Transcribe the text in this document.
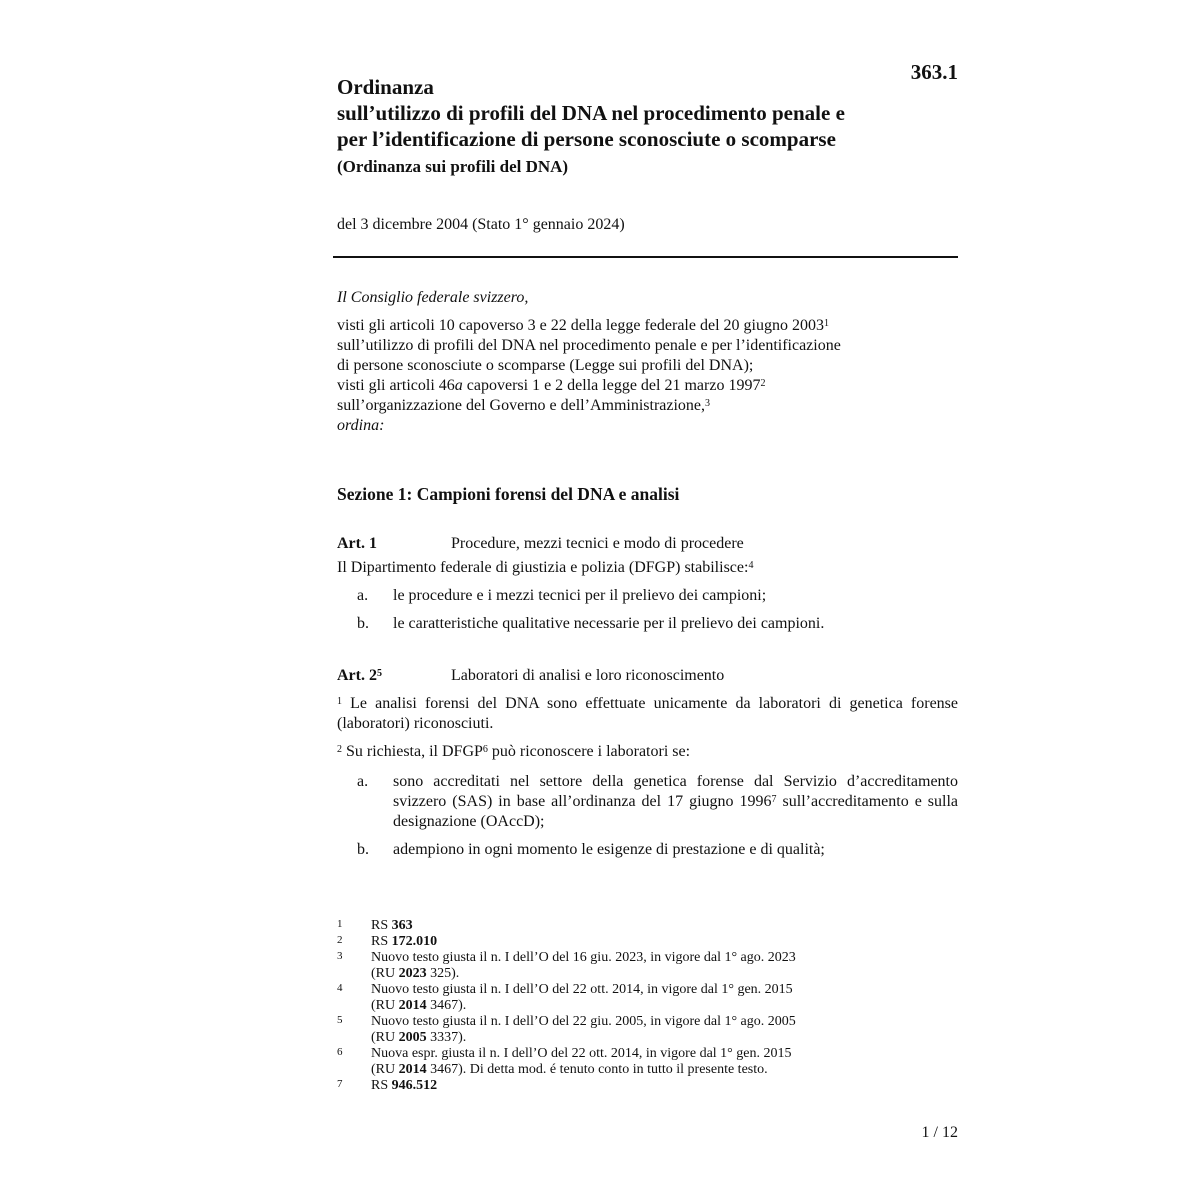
363.1
Ordinanza
sull’utilizzo di profili del DNA nel procedimento penale e
per l’identificazione di persone sconosciute o scomparse
(Ordinanza sui profili del DNA)
del 3 dicembre 2004 (Stato 1° gennaio 2024)

Il Consiglio federale svizzero,

visti gli articoli 10 capoverso 3 e 22 della legge federale del 20 giugno 2003$^1$
sull’utilizzo di profili del DNA nel procedimento penale e per l’identificazione
di persone sconosciute o scomparse (Legge sui profili del DNA);

visti gli articoli 46a capoversi 1 e 2 della legge del 21 marzo 1997$^2$
sull’organizzazione del Governo e dell’Amministrazione,$^3$

ordina:

Sezione 1: Campioni forensi del DNA e analisi
Art. 1	Procedure, mezzi tecnici e modo di procedere

Il Dipartimento federale di giustizia e polizia (DFGP) stabilisce:$^4$

a.	le procedure e i mezzi tecnici per il prelievo dei campioni;
b.	le caratteristiche qualitative necessarie per il prelievo dei campioni.
Art. $2^5$	Laboratori di analisi e loro riconoscimento

$^1$ Le analisi forensi del DNA sono effettuate unicamente da laboratori di genetica forense (laboratori) riconosciuti.

$^2$ Su richiesta, il DFGP$^6$ può riconoscere i laboratori se:

a.	sono accreditati nel settore della genetica forense dal Servizio d’accreditamento svizzero (SAS) in base all’ordinanza del 17 giugno 1996$^7$ sull’accreditamento e sulla designazione (OAccD);
b.	adempiono in ogni momento le esigenze di prestazione e di qualità;
1	RS 363
2	RS 172.010
3	Nuovo testo giusta il n. I dell’O del 16 giu. 2023, in vigore dal 1° ago. 2023
(RU 2023 325).
4	Nuovo testo giusta il n. I dell’O del 22 ott. 2014, in vigore dal 1° gen. 2015
(RU 2014 3467).
5	Nuovo testo giusta il n. I dell’O del 22 giu. 2005, in vigore dal 1° ago. 2005
(RU 2005 3337).
6	Nuova espr. giusta il n. I dell’O del 22 ott. 2014, in vigore dal 1° gen. 2015
(RU 2014 3467). Di detta mod. é tenuto conto in tutto il presente testo.
7	RS 946.512
1 / 12
